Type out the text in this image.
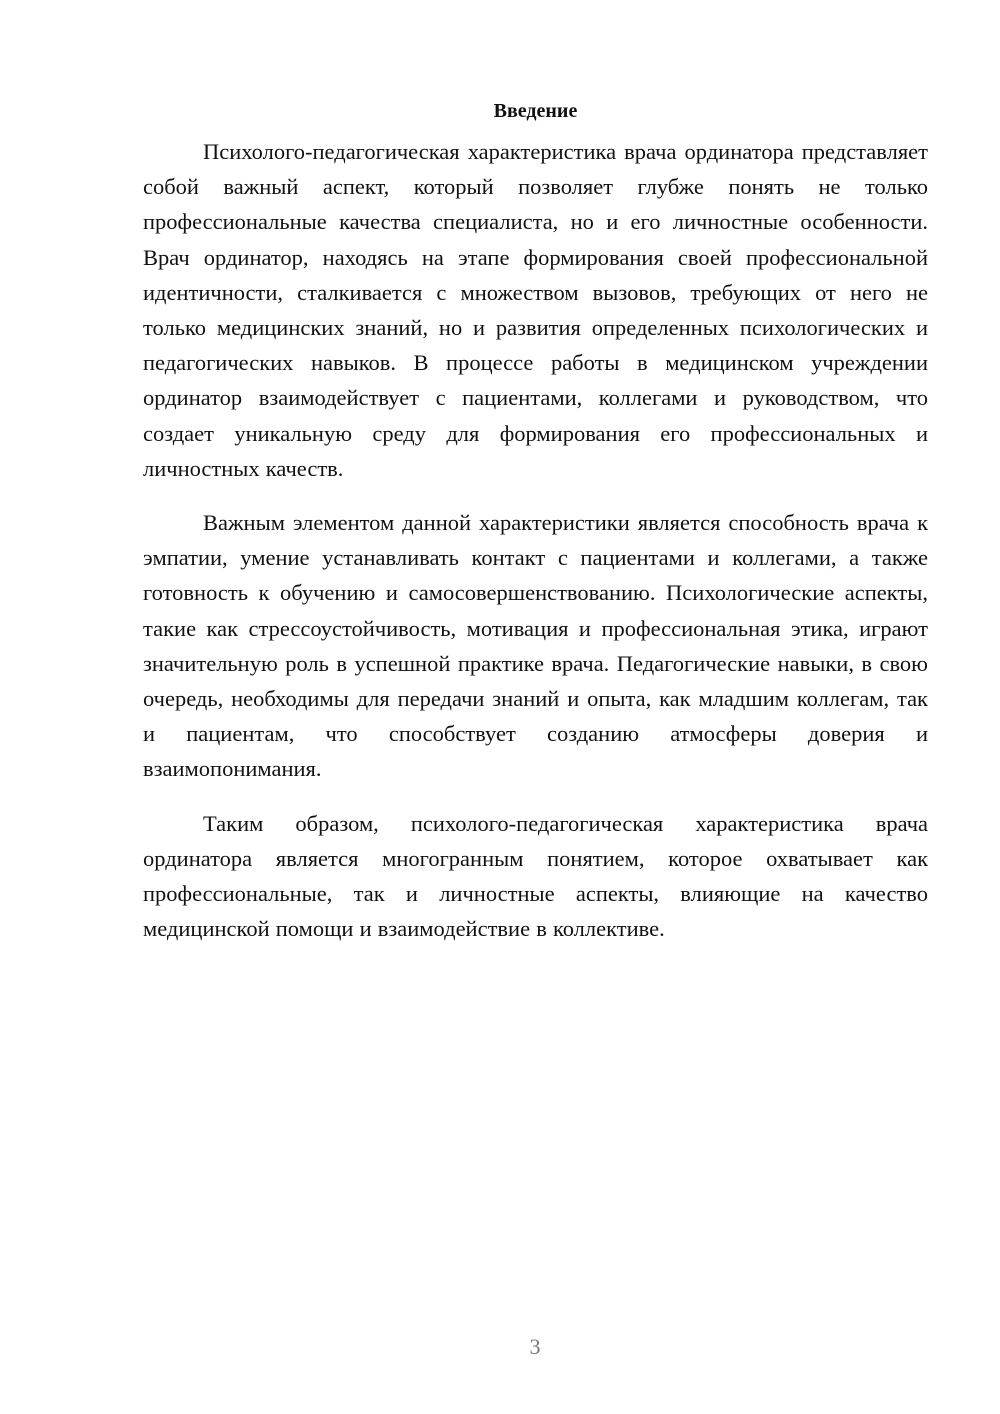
Введение

Психолого-педагогическая характеристика врача ординатора представляет собой важный аспект, который позволяет глубже понять не только профессиональные качества специалиста, но и его личностные особенности. Врач ординатор, находясь на этапе формирования своей профессиональной идентичности, сталкивается с множеством вызовов, требующих от него не только медицинских знаний, но и развития определенных психологических и педагогических навыков. В процессе работы в медицинском учреждении ординатор взаимодействует с пациентами, коллегами и руководством, что создает уникальную среду для формирования его профессиональных и личностных качеств.

Важным элементом данной характеристики является способность врача к эмпатии, умение устанавливать контакт с пациентами и коллегами, а также готовность к обучению и самосовершенствованию. Психологические аспекты, такие как стрессоустойчивость, мотивация и профессиональная этика, играют значительную роль в успешной практике врача. Педагогические навыки, в свою очередь, необходимы для передачи знаний и опыта, как младшим коллегам, так и пациентам, что способствует созданию атмосферы доверия и взаимопонимания.

Таким образом, психолого-педагогическая характеристика врача ординатора является многогранным понятием, которое охватывает как профессиональные, так и личностные аспекты, влияющие на качество медицинской помощи и взаимодействие в коллективе.

3
